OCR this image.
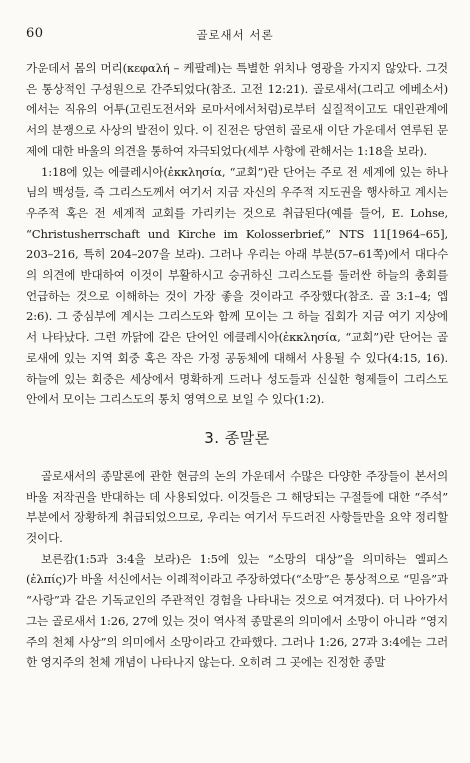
60	골로새서 서론

가운데서 몸의 머리(κεφαλή – 케팔레)는 특별한 위치나 영광을 가지지 않았다. 그것은 통상적인 구성원으로 간주되었다(참조. 고전 12:21). 골로새서(그리고 에베소서)에서는 직유의 어투(고린도전서와 로마서에서처럼)로부터 실질적이고도 대인관계에서의 분쟁으로 사상의 발전이 있다. 이 진전은 당연히 골로새 이단 가운데서 연루된 문제에 대한 바울의 의견을 통하여 자극되었다(세부 사항에 관해서는 1:18을 보라).

1:18에 있는 에클레시아(ἐκκλησία, “교회”)란 단어는 주로 전 세계에 있는 하나님의 백성들, 즉 그리스도께서 여기서 지금 자신의 우주적 지도권을 행사하고 계시는 우주적 혹은 전 세계적 교회를 가리키는 것으로 취급된다(예를 들어, E. Lohse, “Christusherrschaft und Kirche im Kolosserbrief,” NTS 11[1964–65], 203–216, 특히 204–207을 보라). 그러나 우리는 아래 부분(57–61쪽)에서 대다수의 의견에 반대하여 이것이 부활하시고 승귀하신 그리스도를 둘러싼 하늘의 총회를 언급하는 것으로 이해하는 것이 가장 좋을 것이라고 주장했다(참조. 골 3:1–4; 엡 2:6). 그 중심부에 계시는 그리스도와 함께 모이는 그 하늘 집회가 지금 여기 지상에서 나타났다. 그런 까닭에 같은 단어인 에클레시아(ἐκκλησία, “교회”)란 단어는 골로새에 있는 지역 회중 혹은 작은 가정 공동체에 대해서 사용될 수 있다(4:15, 16). 하늘에 있는 회중은 세상에서 명확하게 드러나 성도들과 신실한 형제들이 그리스도 안에서 모이는 그리스도의 통치 영역으로 보일 수 있다(1:2).

3. 종말론

골로새서의 종말론에 관한 현금의 논의 가운데서 수많은 다양한 주장들이 본서의 바울 저작권을 반대하는 데 사용되었다. 이것들은 그 해당되는 구절들에 대한 “주석” 부분에서 장황하게 취급되었으므로, 우리는 여기서 두드러진 사항들만을 요약 정리할 것이다.

보른캄(1:5과 3:4을 보라)은 1:5에 있는 “소망의 대상”을 의미하는 엘피스(ἐλπίς)가 바울 서신에서는 이례적이라고 주장하였다(“소망”은 통상적으로 “믿음”과 “사랑”과 같은 기독교인의 주관적인 경험을 나타내는 것으로 여겨졌다). 더 나아가서 그는 골로새서 1:26, 27에 있는 것이 역사적 종말론의 의미에서 소망이 아니라 “영지주의 천체 사상”의 의미에서 소망이라고 간파했다. 그러나 1:26, 27과 3:4에는 그러한 영지주의 천체 개념이 나타나지 않는다. 오히려 그 곳에는 진정한 종말
